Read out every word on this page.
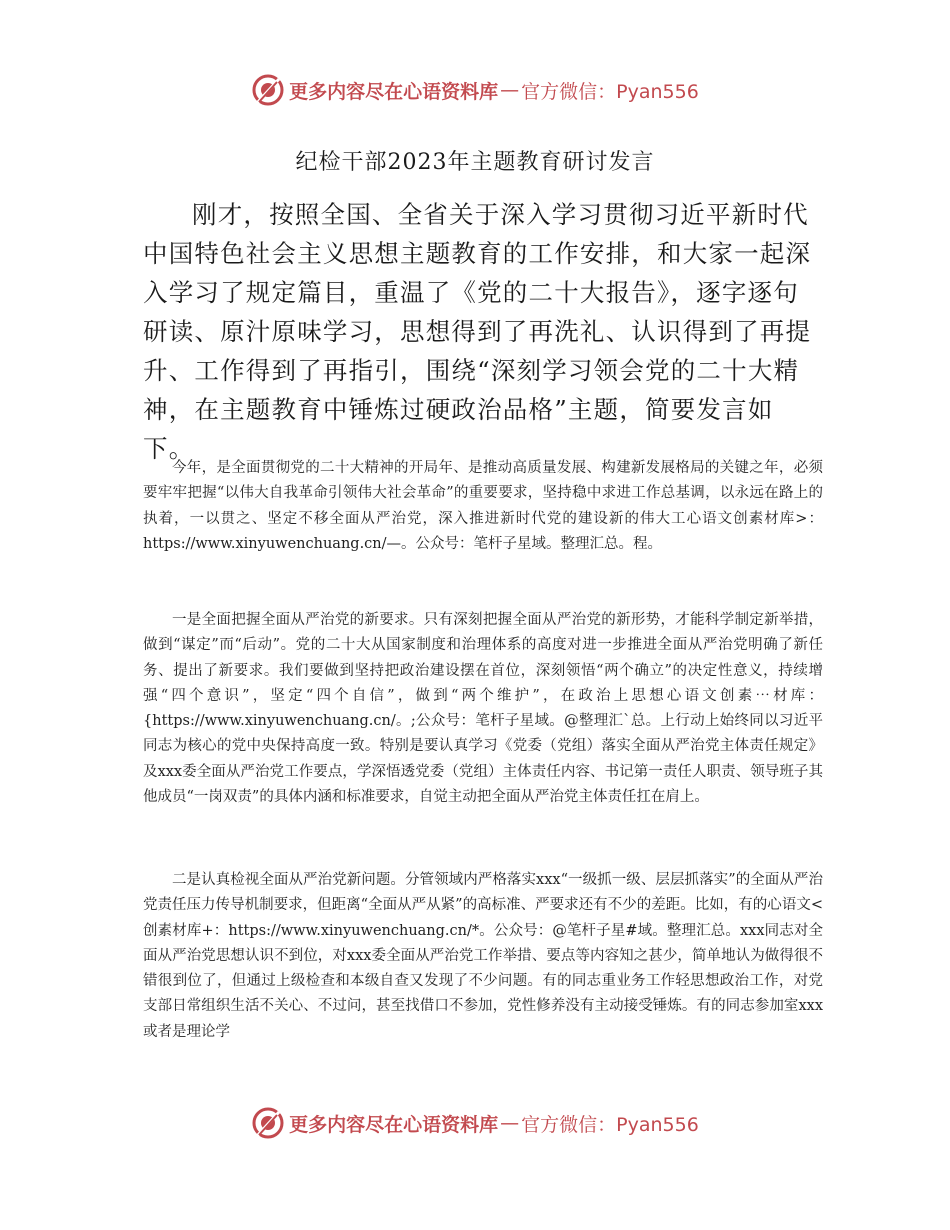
更多内容尽在心语资料库 — 官方微信：Pyan556
纪检干部2023年主题教育研讨发言

刚才，按照全国、全省关于深入学习贯彻习近平新时代中国特色社会主义思想主题教育的工作安排，和大家一起深入学习了规定篇目，重温了《党的二十大报告》，逐字逐句研读、原汁原味学习，思想得到了再洗礼、认识得到了再提升、工作得到了再指引，围绕“深刻学习领会党的二十大精神，在主题教育中锤炼过硬政治品格”主题，简要发言如下。

今年，是全面贯彻党的二十大精神的开局年、是推动高质量发展、构建新发展格局的关键之年，必须要牢牢把握“以伟大自我革命引领伟大社会革命”的重要要求，坚持稳中求进工作总基调，以永远在路上的执着，一以贯之、坚定不移全面从严治党，深入推进新时代党的建设新的伟大工心语文创素材库>：https://www.xinyuwenchuang.cn/—。公众号：笔杆子星域。整理汇总。程。

一是全面把握全面从严治党的新要求。只有深刻把握全面从严治党的新形势，才能科学制定新举措，做到“谋定”而“后动”。党的二十大从国家制度和治理体系的高度对进一步推进全面从严治党明确了新任务、提出了新要求。我们要做到坚持把政治建设摆在首位，深刻领悟“两个确立”的决定性意义，持续增强“四个意识”，坚定“四个自信”，做到“两个维护”，在政治上思想心语文创素⋯材库：{https://www.xinyuwenchuang.cn/。;公众号：笔杆子星域。@整理汇`总。上行动上始终同以习近平同志为核心的党中央保持高度一致。特别是要认真学习《党委（党组）落实全面从严治党主体责任规定》及xxx委全面从严治党工作要点，学深悟透党委（党组）主体责任内容、书记第一责任人职责、领导班子其他成员“一岗双责”的具体内涵和标准要求，自觉主动把全面从严治党主体责任扛在肩上。

二是认真检视全面从严治党新问题。分管领域内严格落实xxx“一级抓一级、层层抓落实”的全面从严治党责任压力传导机制要求，但距离“全面从严从紧”的高标准、严要求还有不少的差距。比如，有的心语文<创素材库+：https://www.xinyuwenchuang.cn/*。公众号：@笔杆子星#域。整理汇总。xxx同志对全面从严治党思想认识不到位，对xxx委全面从严治党工作举措、要点等内容知之甚少，简单地认为做得很不错很到位了，但通过上级检查和本级自查又发现了不少问题。有的同志重业务工作轻思想政治工作，对党支部日常组织生活不关心、不过问，甚至找借口不参加，党性修养没有主动接受锤炼。有的同志参加室xxx或者是理论学

更多内容尽在心语资料库 — 官方微信：Pyan556
